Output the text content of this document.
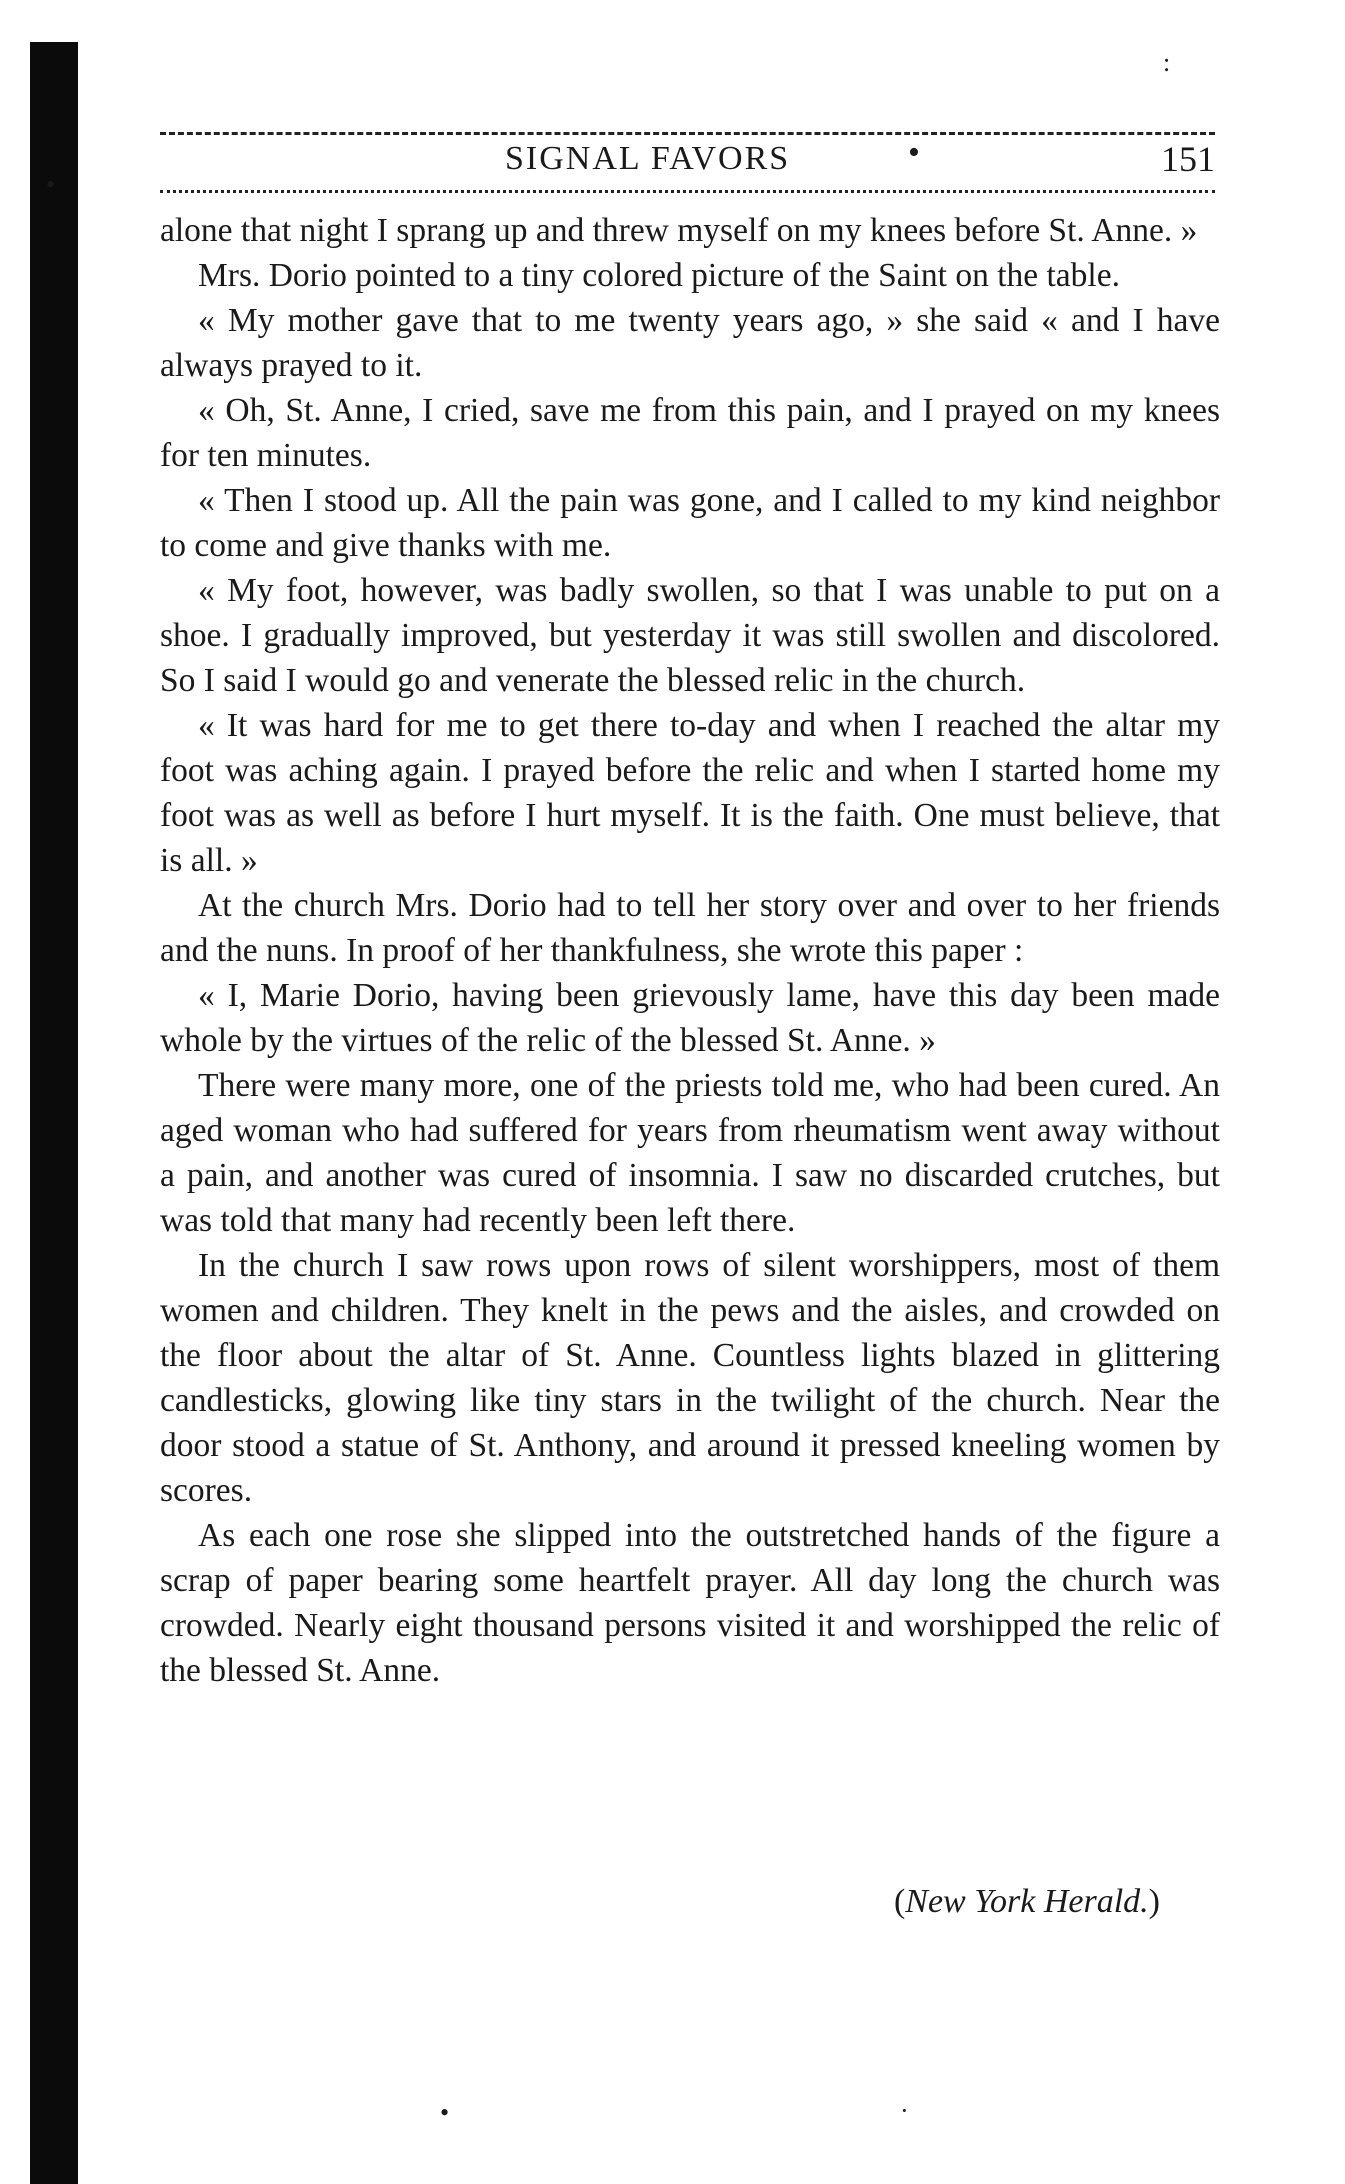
•
:
•	·
SIGNAL FAVORS	•	151

alone that night I sprang up and threw myself on my knees before St. Anne. »

Mrs. Dorio pointed to a tiny colored picture of the Saint on the table.

« My mother gave that to me twenty years ago, » she said « and I have always prayed to it.

« Oh, St. Anne, I cried, save me from this pain, and I prayed on my knees for ten minutes.

« Then I stood up. All the pain was gone, and I called to my kind neighbor to come and give thanks with me.

« My foot, however, was badly swollen, so that I was unable to put on a shoe. I gradually improved, but yesterday it was still swollen and discolored. So I said I would go and venerate the blessed relic in the church.

« It was hard for me to get there to-day and when I reached the altar my foot was aching again. I prayed before the relic and when I started home my foot was as well as before I hurt myself. It is the faith. One must believe, that is all. »

At the church Mrs. Dorio had to tell her story over and over to her friends and the nuns. In proof of her thankfulness, she wrote this paper :

« I, Marie Dorio, having been grievously lame, have this day been made whole by the virtues of the relic of the blessed St. Anne. »

There were many more, one of the priests told me, who had been cured. An aged woman who had suffered for years from rheumatism went away without a pain, and another was cured of insomnia. I saw no discarded crutches, but was told that many had recently been left there.

In the church I saw rows upon rows of silent worshippers, most of them women and children. They knelt in the pews and the aisles, and crowded on the floor about the altar of St. Anne. Countless lights blazed in glittering candlesticks, glowing like tiny stars in the twilight of the church. Near the door stood a statue of St. Anthony, and around it pressed kneeling women by scores.

As each one rose she slipped into the outstretched hands of the figure a scrap of paper bearing some heartfelt prayer. All day long the church was crowded. Nearly eight thousand persons visited it and worshipped the relic of the blessed St. Anne.

(New York Herald.)
